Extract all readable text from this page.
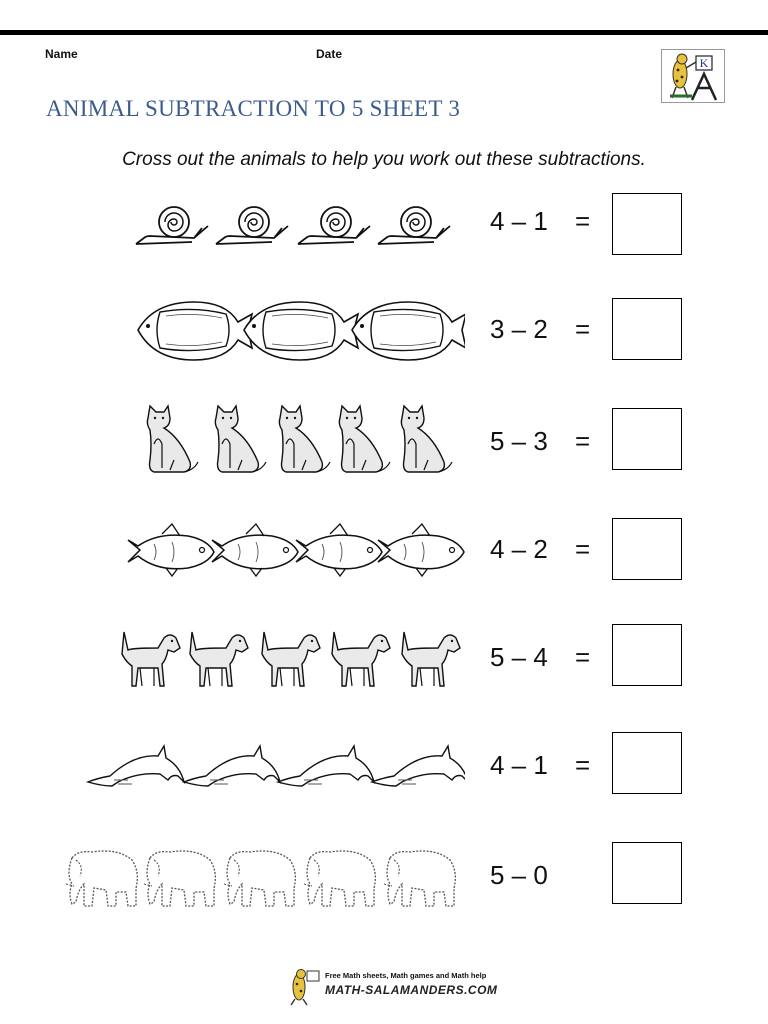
Name	Date
K
ANIMAL SUBTRACTION TO 5 SHEET 3
Cross out the animals to help you work out these subtractions.
4 – 1 =
3 – 2 =
5 – 3 =
4 – 2 =
5 – 4 =
4 – 1 =
5 – 0
Free Math sheets, Math games and Math help
MATH-SALAMANDERS.COM
